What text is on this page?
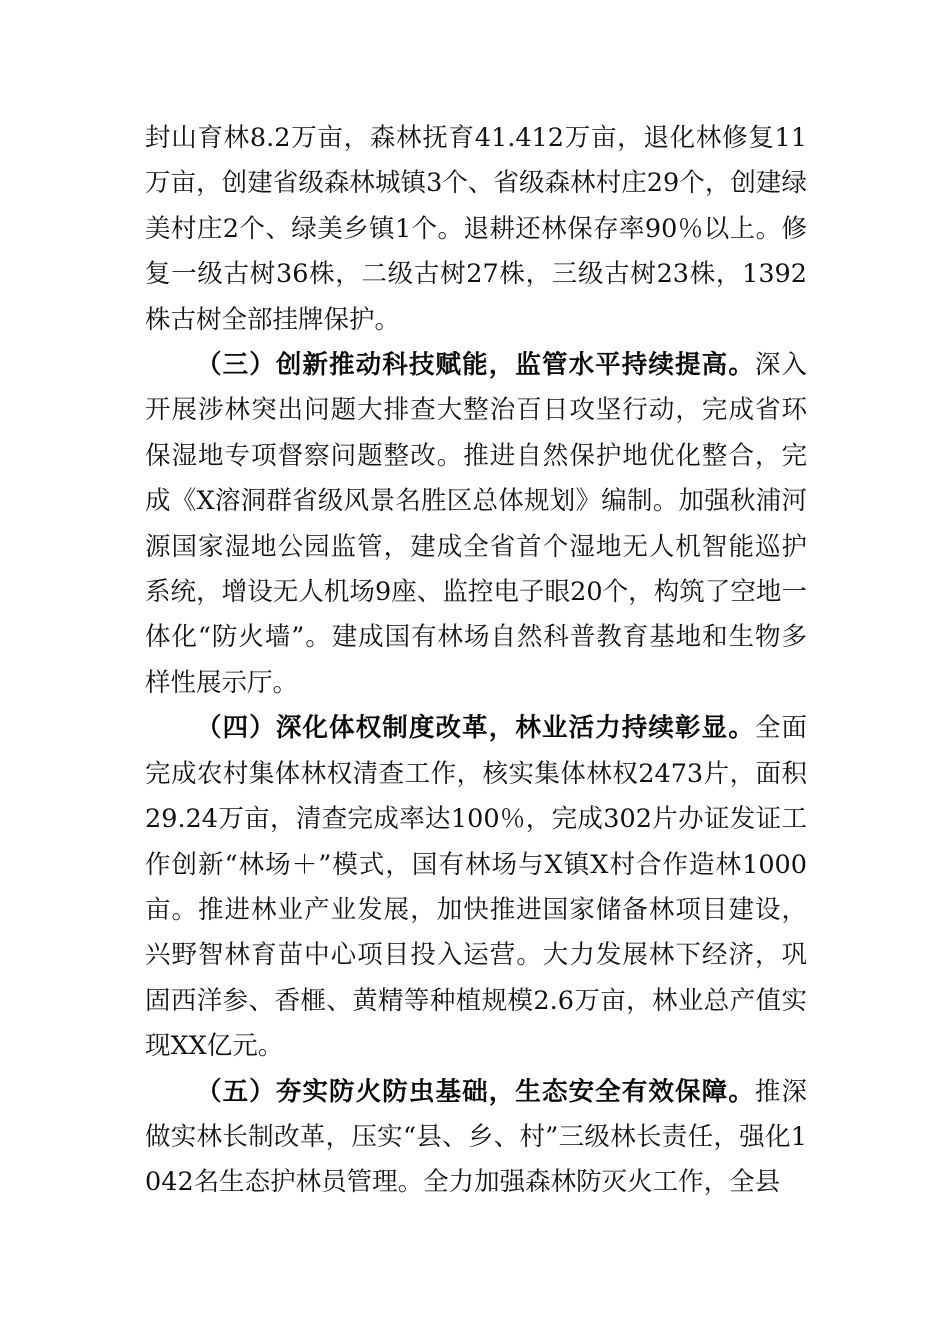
封山育林8.2万亩，森林抚育41.412万亩，退化林修复11万亩，创建省级森林城镇3个、省级森林村庄29个，创建绿美村庄2个、绿美乡镇1个。退耕还林保存率90％以上。修复一级古树36株，二级古树27株，三级古树23株，1392株古树全部挂牌保护。

（三）创新推动科技赋能，监管水平持续提高。深入开展涉林突出问题大排查大整治百日攻坚行动，完成省环保湿地专项督察问题整改。推进自然保护地优化整合，完成《X溶洞群省级风景名胜区总体规划》编制。加强秋浦河源国家湿地公园监管，建成全省首个湿地无人机智能巡护系统，增设无人机场9座、监控电子眼20个，构筑了空地一体化“防火墙”。建成国有林场自然科普教育基地和生物多样性展示厅。

（四）深化体权制度改革，林业活力持续彰显。全面完成农村集体林权清查工作，核实集体林权2473片，面积29.24万亩，清查完成率达100％，完成302片办证发证工作创新“林场＋”模式，国有林场与X镇X村合作造林1000亩。推进林业产业发展，加快推进国家储备林项目建设，兴野智林育苗中心项目投入运营。大力发展林下经济，巩固西洋参、香榧、黄精等种植规模2.6万亩，林业总产值实现XX亿元。

（五）夯实防火防虫基础，生态安全有效保障。推深做实林长制改革，压实“县、乡、村”三级林长责任，强化1042名生态护林员管理。全力加强森林防灭火工作，全县
